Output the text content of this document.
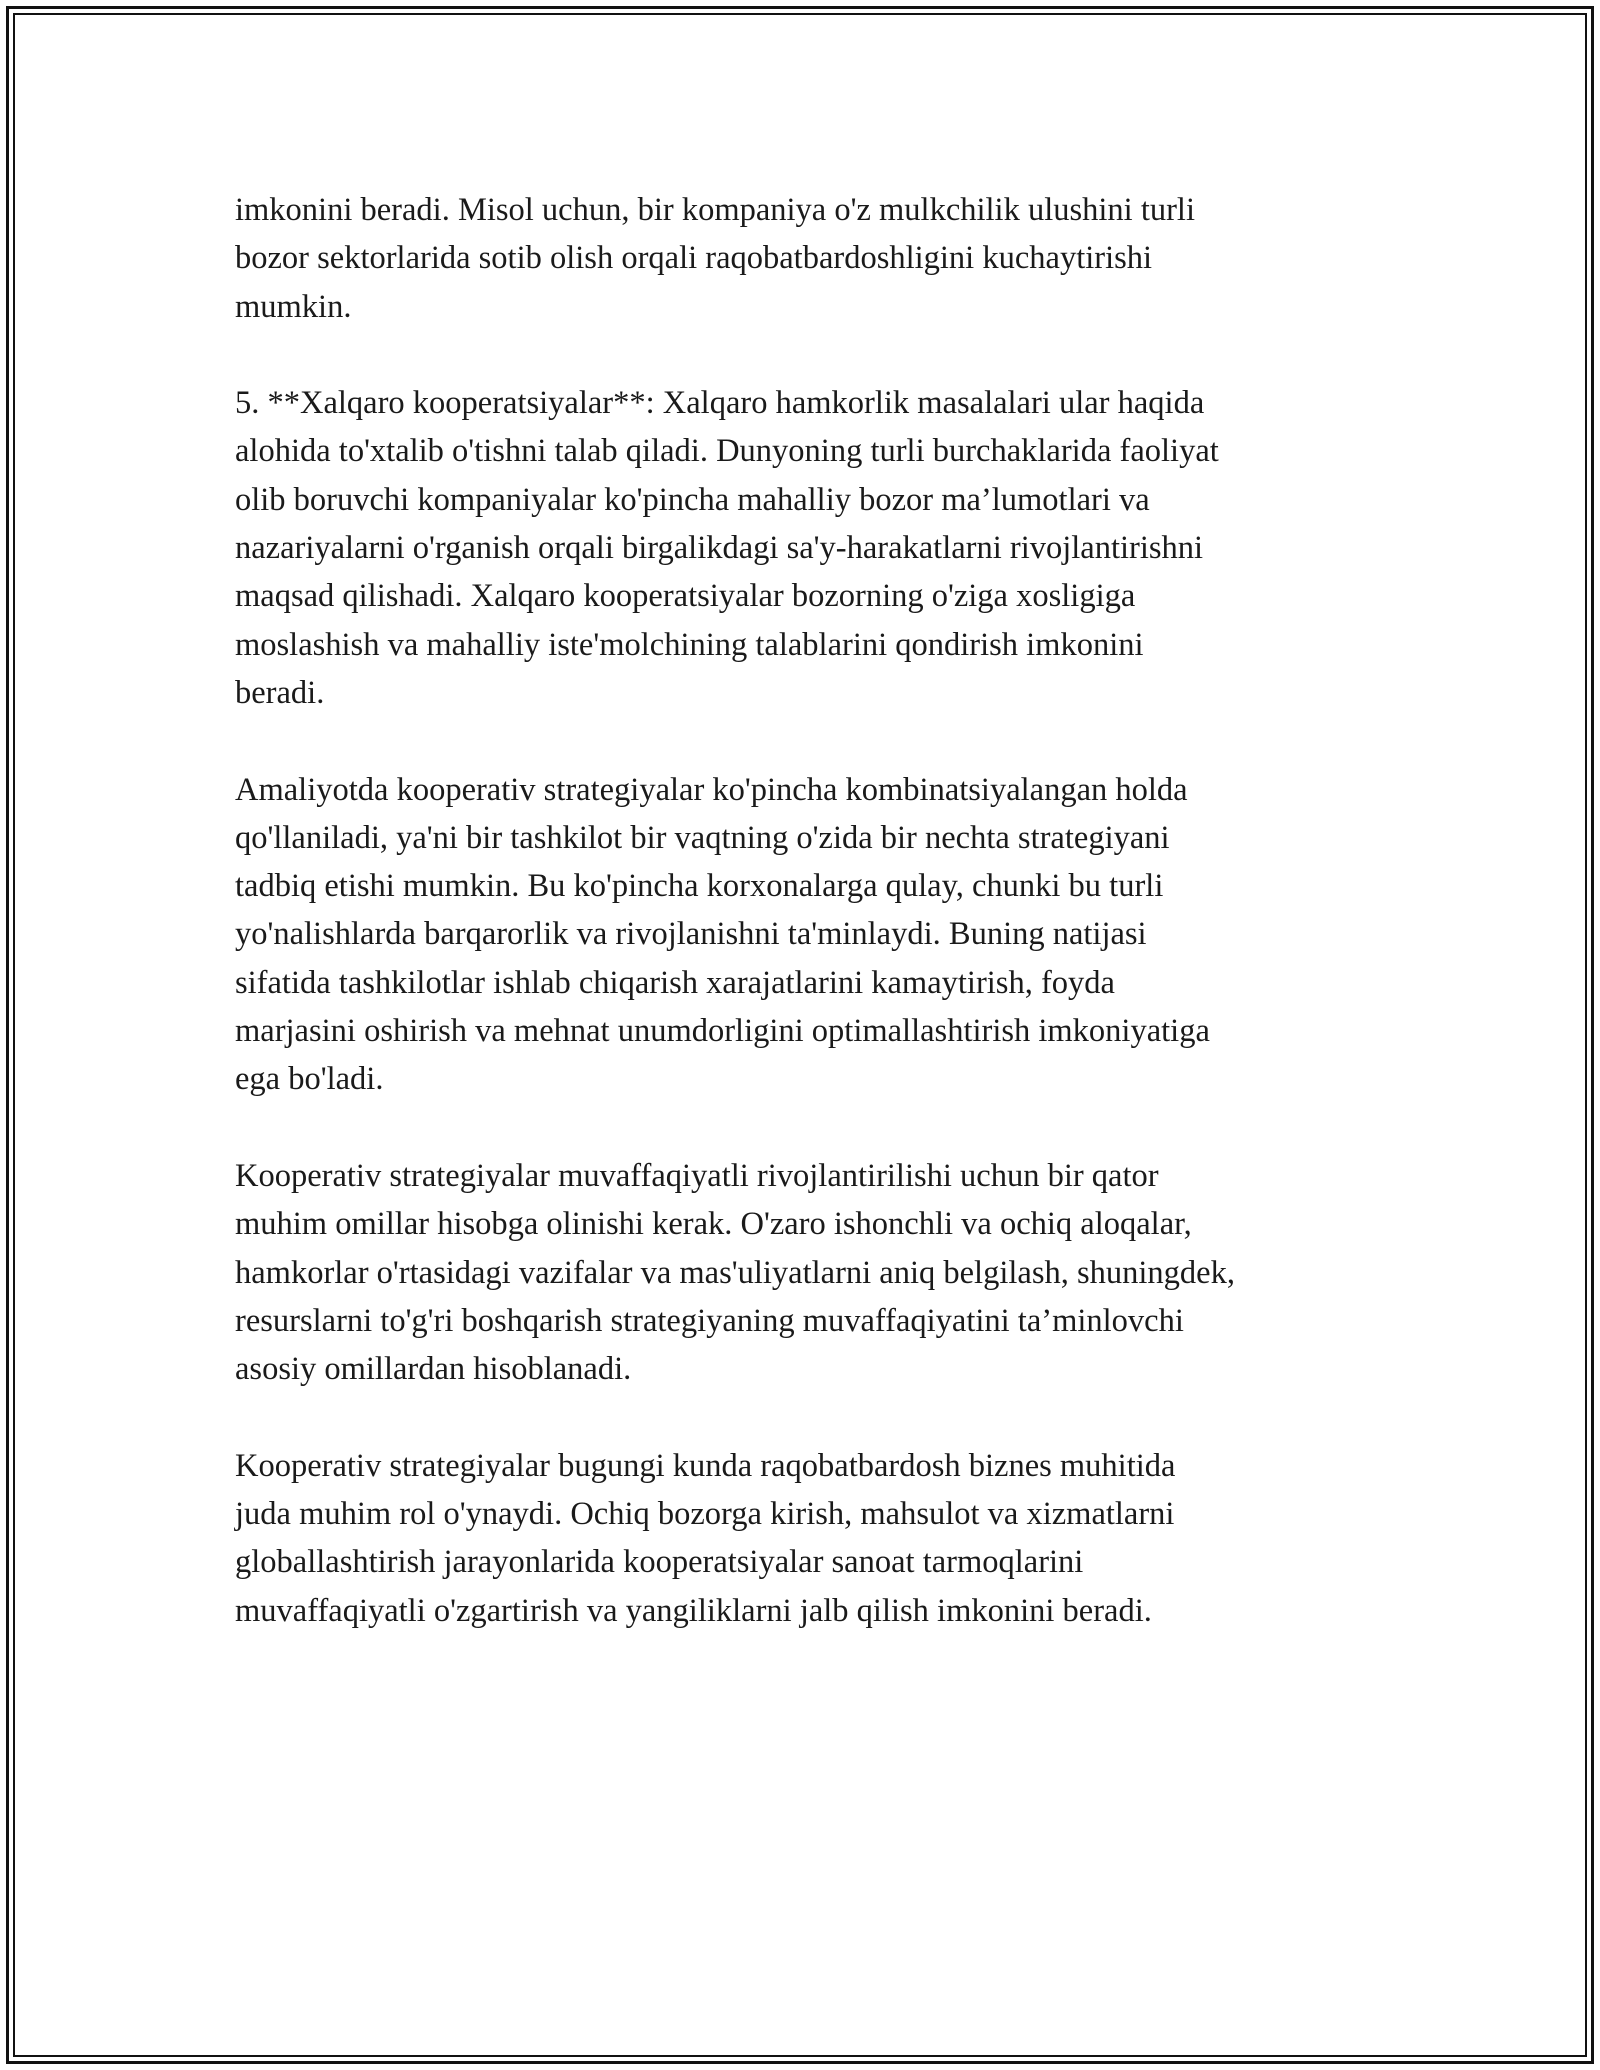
imkonini beradi. Misol uchun, bir kompaniya o'z mulkchilik ulushini turli
bozor sektorlarida sotib olish orqali raqobatbardoshligini kuchaytirishi
mumkin.

5. **Xalqaro kooperatsiyalar**: Xalqaro hamkorlik masalalari ular haqida
alohida to'xtalib o'tishni talab qiladi. Dunyoning turli burchaklarida faoliyat
olib boruvchi kompaniyalar ko'pincha mahalliy bozor ma’lumotlari va
nazariyalarni o'rganish orqali birgalikdagi sa'y-harakatlarni rivojlantirishni
maqsad qilishadi. Xalqaro kooperatsiyalar bozorning o'ziga xosligiga
moslashish va mahalliy iste'molchining talablarini qondirish imkonini
beradi.

Amaliyotda kooperativ strategiyalar ko'pincha kombinatsiyalangan holda
qo'llaniladi, ya'ni bir tashkilot bir vaqtning o'zida bir nechta strategiyani
tadbiq etishi mumkin. Bu ko'pincha korxonalarga qulay, chunki bu turli
yo'nalishlarda barqarorlik va rivojlanishni ta'minlaydi. Buning natijasi
sifatida tashkilotlar ishlab chiqarish xarajatlarini kamaytirish, foyda
marjasini oshirish va mehnat unumdorligini optimallashtirish imkoniyatiga
ega bo'ladi.

Kooperativ strategiyalar muvaffaqiyatli rivojlantirilishi uchun bir qator
muhim omillar hisobga olinishi kerak. O'zaro ishonchli va ochiq aloqalar,
hamkorlar o'rtasidagi vazifalar va mas'uliyatlarni aniq belgilash, shuningdek,
resurslarni to'g'ri boshqarish strategiyaning muvaffaqiyatini ta’minlovchi
asosiy omillardan hisoblanadi.

Kooperativ strategiyalar bugungi kunda raqobatbardosh biznes muhitida
juda muhim rol o'ynaydi. Ochiq bozorga kirish, mahsulot va xizmatlarni
globallashtirish jarayonlarida kooperatsiyalar sanoat tarmoqlarini
muvaffaqiyatli o'zgartirish va yangiliklarni jalb qilish imkonini beradi.
